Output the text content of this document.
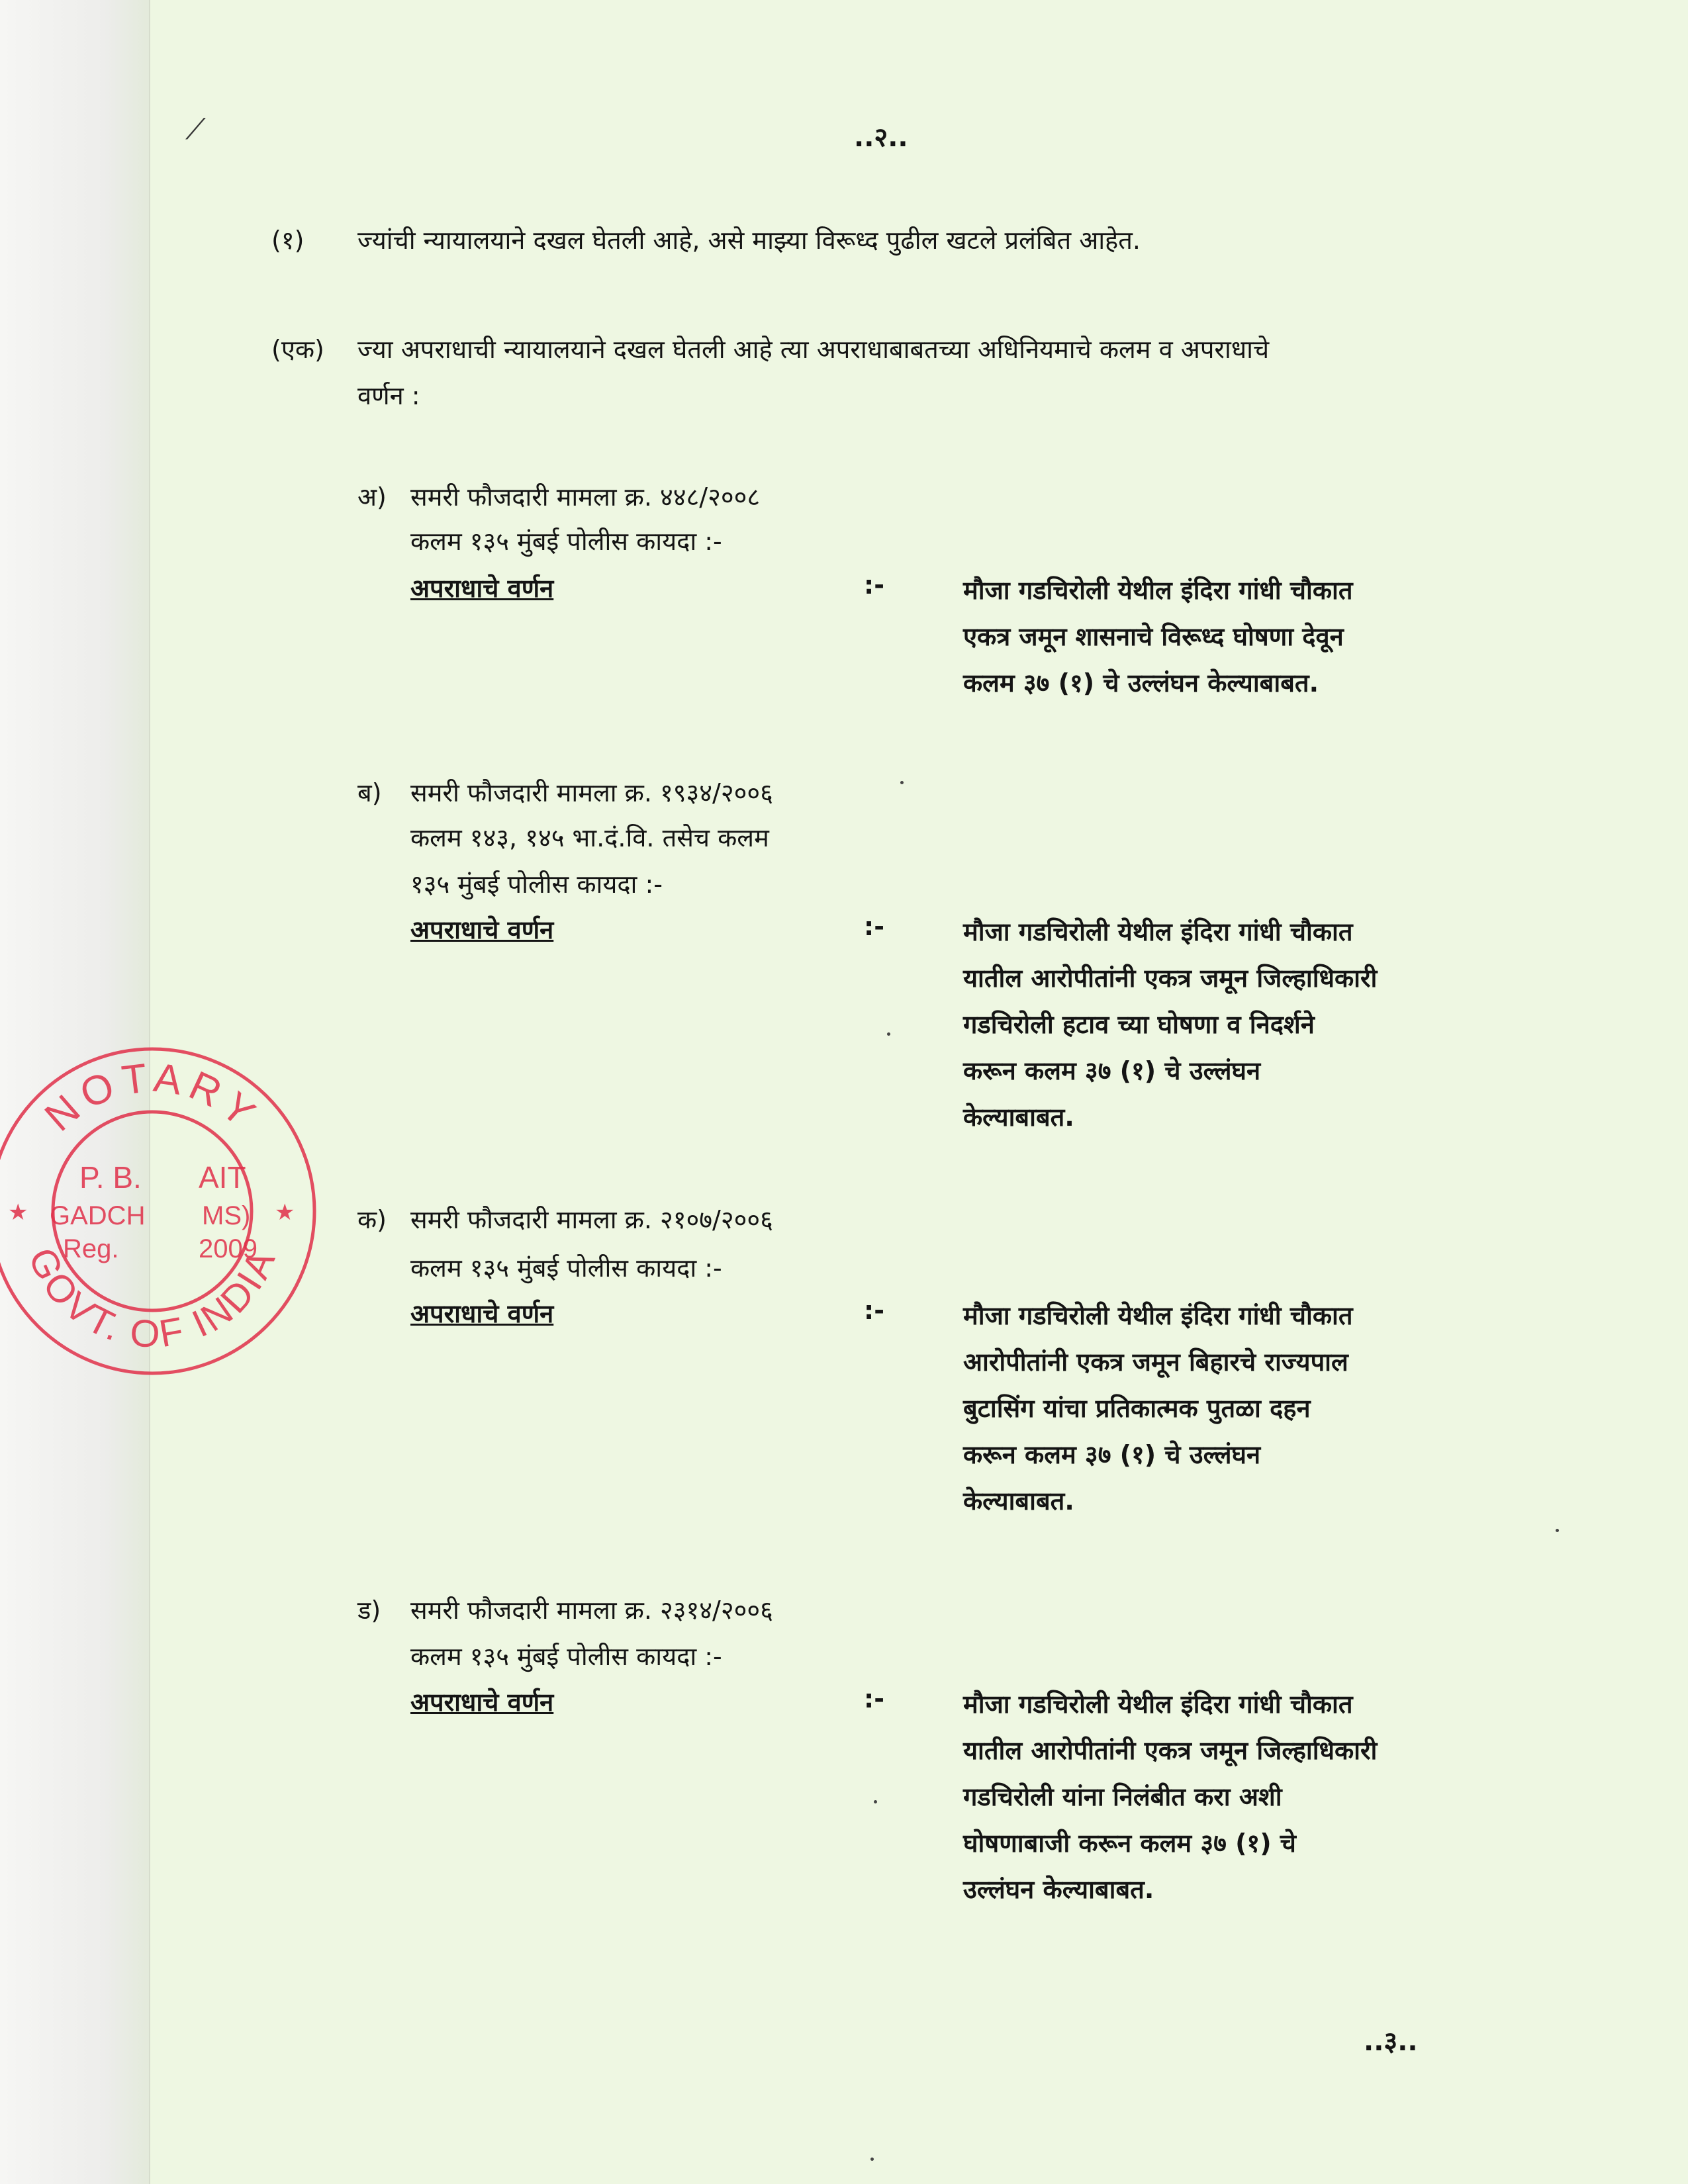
⟋	..२..
(१) ज्यांची न्यायालयाने दखल घेतली आहे, असे माझ्या विरूध्द पुढील खटले प्रलंबित आहेत.
(एक) ज्या अपराधाची न्यायालयाने दखल घेतली आहे त्या अपराधाबाबतच्या अधिनियमाचे कलम व अपराधाचे
वर्णन :
अ) समरी फौजदारी मामला क्र. ४४८/२००८
कलम १३५ मुंबई पोलीस कायदा :-
अपराधाचे वर्णन	:-	मौजा गडचिरोली येथील इंदिरा गांधी चौकात
एकत्र जमून शासनाचे विरूध्द घोषणा देवून
कलम ३७ (१) चे उल्लंघन केल्याबाबत.
ब) समरी फौजदारी मामला क्र. १९३४/२००६
कलम १४३, १४५ भा.दं.वि. तसेच कलम
१३५ मुंबई पोलीस कायदा :-
अपराधाचे वर्णन	:-	मौजा गडचिरोली येथील इंदिरा गांधी चौकात
यातील आरोपीतांनी एकत्र जमून जिल्हाधिकारी
गडचिरोली हटाव च्या घोषणा व निदर्शने
करून कलम ३७ (१) चे उल्लंघन
केल्याबाबत.
क) समरी फौजदारी मामला क्र. २१०७/२००६
कलम १३५ मुंबई पोलीस कायदा :-
अपराधाचे वर्णन	:-	मौजा गडचिरोली येथील इंदिरा गांधी चौकात
आरोपीतांनी एकत्र जमून बिहारचे राज्यपाल
बुटासिंग यांचा प्रतिकात्मक पुतळा दहन
करून कलम ३७ (१) चे उल्लंघन
केल्याबाबत.
ड) समरी फौजदारी मामला क्र. २३१४/२००६
कलम १३५ मुंबई पोलीस कायदा :-
अपराधाचे वर्णन	:-	मौजा गडचिरोली येथील इंदिरा गांधी चौकात
यातील आरोपीतांनी एकत्र जमून जिल्हाधिकारी
गडचिरोली यांना निलंबीत करा अशी
घोषणाबाजी करून कलम ३७ (१) चे
उल्लंघन केल्याबाबत.
..३..
NOTARY
GOVT. OF INDIA
P. B. AIT
GADCH MS)
Reg.	2009
★	★
